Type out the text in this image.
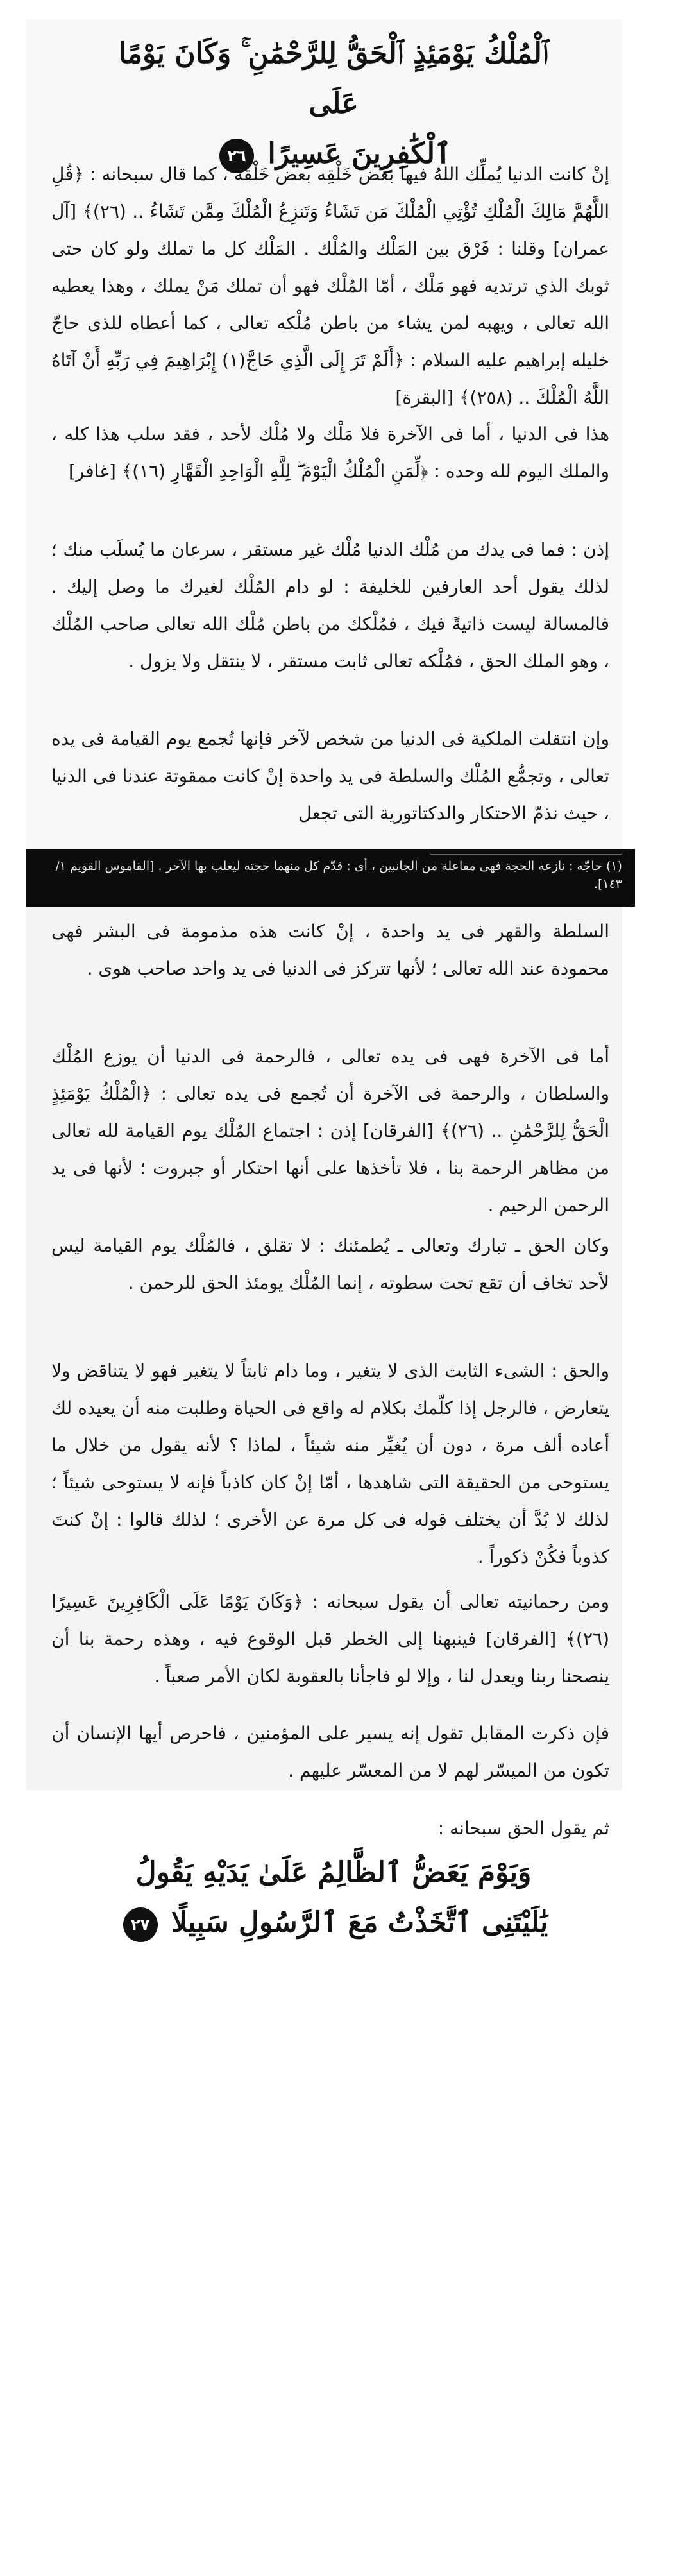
ٱلْمُلْكُ يَوْمَئِذٍ ٱلْحَقُّ لِلرَّحْمَٰنِ ۚ وَكَانَ يَوْمًا عَلَى
ٱلْكَٰفِرِينَ عَسِيرًا ٢٦

إنْ كانت الدنيا يُملِّك اللهُ فيها بعض خَلْقِه بعض خَلْقه ، كما قال سبحانه : ﴿قُلِ اللَّهُمَّ مَالِكَ الْمُلْكِ تُؤْتِي الْمُلْكَ مَن تَشَاءُ وَتَنزِعُ الْمُلْكَ مِمَّن تَشَاءُ .. (٢٦)﴾ [آل عمران] وقلنا : فَرْق بين المَلْك والمُلْك . المَلْك كل ما تملك ولو كان حتى ثوبك الذي ترتديه فهو مَلْك ، أمّا المُلْك فهو أن تملك مَنْ يملك ، وهذا يعطيه الله تعالى ، ويهبه لمن يشاء من باطن مُلْكه تعالى ، كما أعطاه للذى حاجّ خليله إبراهيم عليه السلام : ﴿أَلَمْ تَرَ إِلَى الَّذِي حَاجَّ(١) إِبْرَاهِيمَ فِي رَبِّهِ أَنْ آتَاهُ اللَّهُ الْمُلْكَ .. (٢٥٨)﴾ [البقرة]

هذا فى الدنيا ، أما فى الآخرة فلا مَلْك ولا مُلْك لأحد ، فقد سلب هذا كله ، والملك اليوم لله وحده : ﴿لِّمَنِ الْمُلْكُ الْيَوْمَ ۖ لِلَّهِ الْوَاحِدِ الْقَهَّارِ (١٦)﴾ [غافر]

إذن : فما فى يدك من مُلْك الدنيا مُلْك غير مستقر ، سرعان ما يُسلَب منك ؛ لذلك يقول أحد العارفين للخليفة : لو دام المُلْك لغيرك ما وصل إليك . فالمسالة ليست ذاتيةً فيك ، فمُلْكك من باطن مُلْك الله تعالى صاحب المُلْك ، وهو الملك الحق ، فمُلْكه تعالى ثابت مستقر ، لا ينتقل ولا يزول .

وإن انتقلت الملكية فى الدنيا من شخص لآخر فإنها تُجمع يوم القيامة فى يده تعالى ، وتجمُّع المُلْك والسلطة فى يد واحدة إنْ كانت ممقوتة عندنا فى الدنيا ، حيث نذمّ الاحتكار والدكتاتورية التى تجعل

(١) حاجّه : نازعه الحجة فهى مفاعلة من الجانبين ، أى : قدّم كل منهما حجته ليغلب بها الآخر . [القاموس القويم ١/ ١٤٣].

السلطة والقهر فى يد واحدة ، إنْ كانت هذه مذمومة فى البشر فهى محمودة عند الله تعالى ؛ لأنها تتركز فى الدنيا فى يد واحد صاحب هوى .

أما فى الآخرة فهى فى يده تعالى ، فالرحمة فى الدنيا أن يوزع المُلْك والسلطان ، والرحمة فى الآخرة أن تُجمع فى يده تعالى : ﴿الْمُلْكُ يَوْمَئِذٍ الْحَقُّ لِلرَّحْمَٰنِ .. (٢٦)﴾ [الفرقان] إذن : اجتماع المُلْك يوم القيامة لله تعالى من مظاهر الرحمة بنا ، فلا تأخذها على أنها احتكار أو جبروت ؛ لأنها فى يد الرحمن الرحيم .

وكان الحق ـ تبارك وتعالى ـ يُطمئنك : لا تقلق ، فالمُلْك يوم القيامة ليس لأحد تخاف أن تقع تحت سطوته ، إنما المُلْك يومئذ الحق للرحمن .

والحق : الشىء الثابت الذى لا يتغير ، وما دام ثابتاً لا يتغير فهو لا يتناقض ولا يتعارض ، فالرجل إذا كلّمك بكلام له واقع فى الحياة وطلبت منه أن يعيده لك أعاده ألف مرة ، دون أن يُغيِّر منه شيئاً ، لماذا ؟ لأنه يقول من خلال ما يستوحى من الحقيقة التى شاهدها ، أمّا إنْ كان كاذباً فإنه لا يستوحى شيئاً ؛ لذلك لا بُدَّ أن يختلف قوله فى كل مرة عن الأخرى ؛ لذلك قالوا : إنْ كنتَ كذوباً فكُنْ ذكوراً .

ومن رحمانيته تعالى أن يقول سبحانه : ﴿وَكَانَ يَوْمًا عَلَى الْكَافِرِينَ عَسِيرًا (٢٦)﴾ [الفرقان] فينبهنا إلى الخطر قبل الوقوع فيه ، وهذه رحمة بنا أن ينصحنا ربنا ويعدل لنا ، وإلا لو فاجأنا بالعقوبة لكان الأمر صعباً .

فإن ذكرت المقابل تقول إنه يسير على المؤمنين ، فاحرص أيها الإنسان أن تكون من الميسّر لهم لا من المعسّر عليهم .

ثم يقول الحق سبحانه :
وَيَوْمَ يَعَضُّ ٱلظَّالِمُ عَلَىٰ يَدَيْهِ يَقُولُ
يَٰلَيْتَنِى ٱتَّخَذْتُ مَعَ ٱلرَّسُولِ سَبِيلًا ٢٧
